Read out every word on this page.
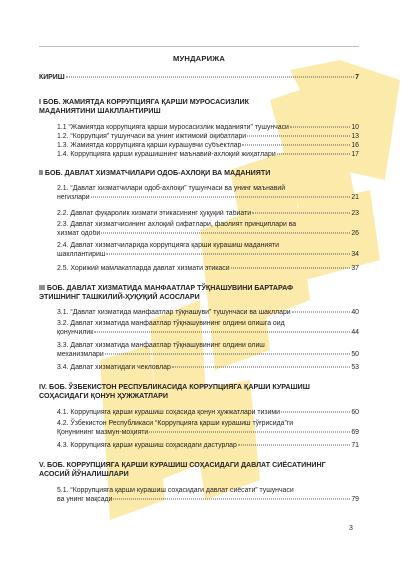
МУНДАРИЖА
КИРИШ	7
I БОБ. ЖАМИЯТДА КОРРУПЦИЯГА ҚАРШИ МУРОСАСИЗЛИК
МАДАНИЯТИНИ ШАКЛЛАНТИРИШ
1.1 “Жамиятда коррупцияга қарши муросасизлик маданияти” тушунчаси	10
1.2. “Коррупция” тушунчаси ва унинг ижтимоий оқибатлари	13
1.3. Жамиятда коррупцияга қарши курашувчи субъектлар	16
1.4. Коррупцияга қарши курашишнинг маънавий-ахлоқий жиҳатлари	17
II БОБ. ДАВЛАТ ХИЗМАТЧИЛАРИ ОДОБ-АХЛОҚИ ВА МАДАНИЯТИ
2.1. “Давлат хизматчилари одоб-ахлоқи” тушунчаси ва унинг маънавий
негизлари	21
2.2. Давлат фуқаролик хизмати этикасининг ҳуқуқий табиати	23
2.3. Давлат хизматчисининг ахлоқий сифатлари, фаолият принциплари ва
хизмат одоби	26
2.4. Давлат хизматчиларида коррупцияга қарши курашиш маданияти
шакллантириш	34
2.5. Хорижий мамлакатларда давлат хизмати этикаси	37
III БОБ. ДАВЛАТ ХИЗМАТИДА МАНФААТЛАР ТЎҚНАШУВИНИ БАРТАРАФ
ЭТИШНИНГ ТАШКИЛИЙ-ҲУҚУҚИЙ АСОСЛАРИ
3.1. “Давлат хизматида манфаатлар тўқнашуви” тушунчаси ва шакллари	40
3.2. Давлат хизматида манфаатлар тўқнашувининг олдини олишга оид
қонунчилик	44
3.3. Давлат хизматида манфаатлар тўқнашувининг олдини олиш
механизмлари	50
3.4. Давлат хизматидаги чекловлар	53
IV. БОБ. ЎЗБЕКИСТОН РЕСПУБЛИКАСИДА КОРРУПЦИЯГА ҚАРШИ КУРАШИШ
СОҲАСИДАГИ ҚОНУН ҲУЖЖАТЛАРИ
4.1. Коррупцияга қарши курашиш соҳасида қонун ҳужжатлари тизими	60
4.2. Ўзбекистон Республикаси “Коррупцияга қарши курашиш тўғрисида”ги
Қонунининг мазмун-моҳияти	69
4.3. Коррупцияга қарши курашиш соҳасидаги дастурлар	71
V. БОБ. КОРРУПЦИЯГА ҚАРШИ КУРАШИШ СОҲАСИДАГИ ДАВЛАТ СИЁСАТИНИНГ
АСОСИЙ ЙЎНАЛИШЛАРИ
5.1. “Коррупцияга қарши курашиш соҳасидаги давлат сиёсати” тушунчаси
ва унинг мақсади	79
3
